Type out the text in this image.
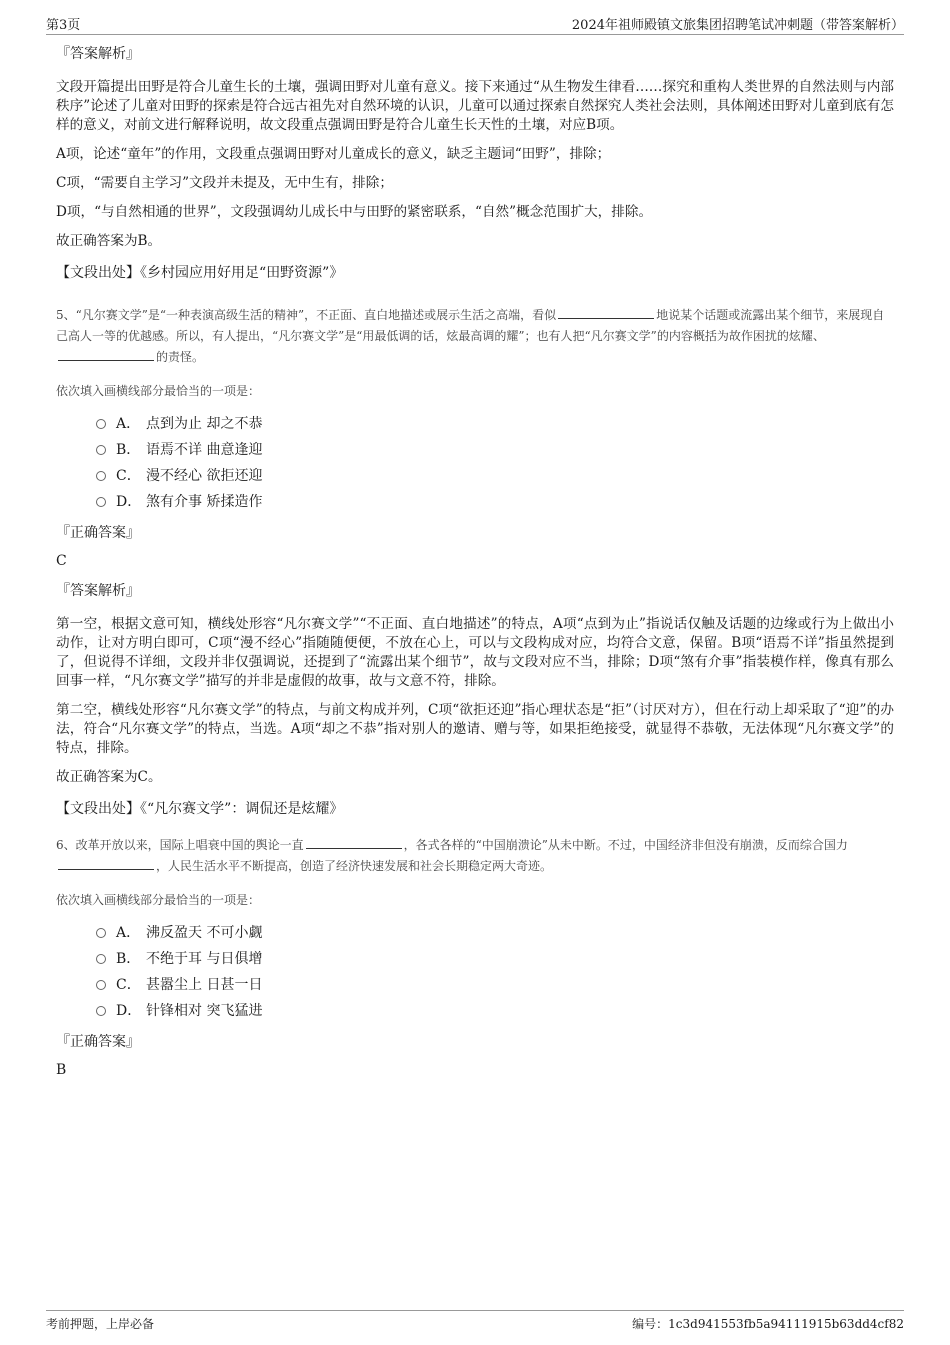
第3页	2024年祖师殿镇文旅集团招聘笔试冲刺题（带答案解析）
『答案解析』

文段开篇提出田野是符合儿童生长的土壤，强调田野对儿童有意义。接下来通过“从生物发生律看……探究和重构人类世界的自然法则与内部秩序”论述了儿童对田野的探索是符合远古祖先对自然环境的认识，儿童可以通过探索自然探究人类社会法则，具体阐述田野对儿童到底有怎样的意义，对前文进行解释说明，故文段重点强调田野是符合儿童生长天性的土壤，对应B项。

A项，论述“童年”的作用，文段重点强调田野对儿童成长的意义，缺乏主题词“田野”，排除；

C项，“需要自主学习”文段并未提及，无中生有，排除；

D项，“与自然相通的世界”，文段强调幼儿成长中与田野的紧密联系，“自然”概念范围扩大，排除。

故正确答案为B。

【文段出处】《乡村园应用好用足“田野资源”》

5、“凡尔赛文学”是“一种表演高级生活的精神”，不正面、直白地描述或展示生活之高端，看似	地说某个话题或流露出某个细节，来展现自己高人一等的优越感。所以，有人提出，“凡尔赛文学”是“用最低调的话，炫最高调的耀”；也有人把“凡尔赛文学”的内容概括为故作困扰的炫耀、的责怪。

依次填入画横线部分最恰当的一项是：
A． 点到为止 却之不恭
B． 语焉不详 曲意逢迎
C． 漫不经心 欲拒还迎
D． 煞有介事 矫揉造作
『正确答案』
C
『答案解析』

第一空，根据文意可知，横线处形容“凡尔赛文学”“不正面、直白地描述”的特点，A项“点到为止”指说话仅触及话题的边缘或行为上做出小动作，让对方明白即可，C项“漫不经心”指随随便便，不放在心上，可以与文段构成对应，均符合文意，保留。B项“语焉不详”指虽然提到了，但说得不详细，文段并非仅强调说，还提到了“流露出某个细节”，故与文段对应不当，排除；D项“煞有介事”指装模作样，像真有那么回事一样，“凡尔赛文学”描写的并非是虚假的故事，故与文意不符，排除。

第二空，横线处形容“凡尔赛文学”的特点，与前文构成并列，C项“欲拒还迎”指心理状态是“拒”（讨厌对方），但在行动上却采取了“迎”的办法，符合“凡尔赛文学”的特点，当选。A项“却之不恭”指对别人的邀请、赠与等，如果拒绝接受，就显得不恭敬，无法体现“凡尔赛文学”的特点，排除。

故正确答案为C。

【文段出处】《“凡尔赛文学”：调侃还是炫耀》

6、改革开放以来，国际上唱衰中国的舆论一直	，各式各样的“中国崩溃论”从未中断。不过，中国经济非但没有崩溃，反而综合国力，人民生活水平不断提高，创造了经济快速发展和社会长期稳定两大奇迹。

依次填入画横线部分最恰当的一项是：
A． 沸反盈天 不可小觑
B． 不绝于耳 与日俱增
C． 甚嚣尘上 日甚一日
D． 针锋相对 突飞猛进
『正确答案』
B
考前押题，上岸必备	编号：1c3d941553fb5a94111915b63dd4cf82
